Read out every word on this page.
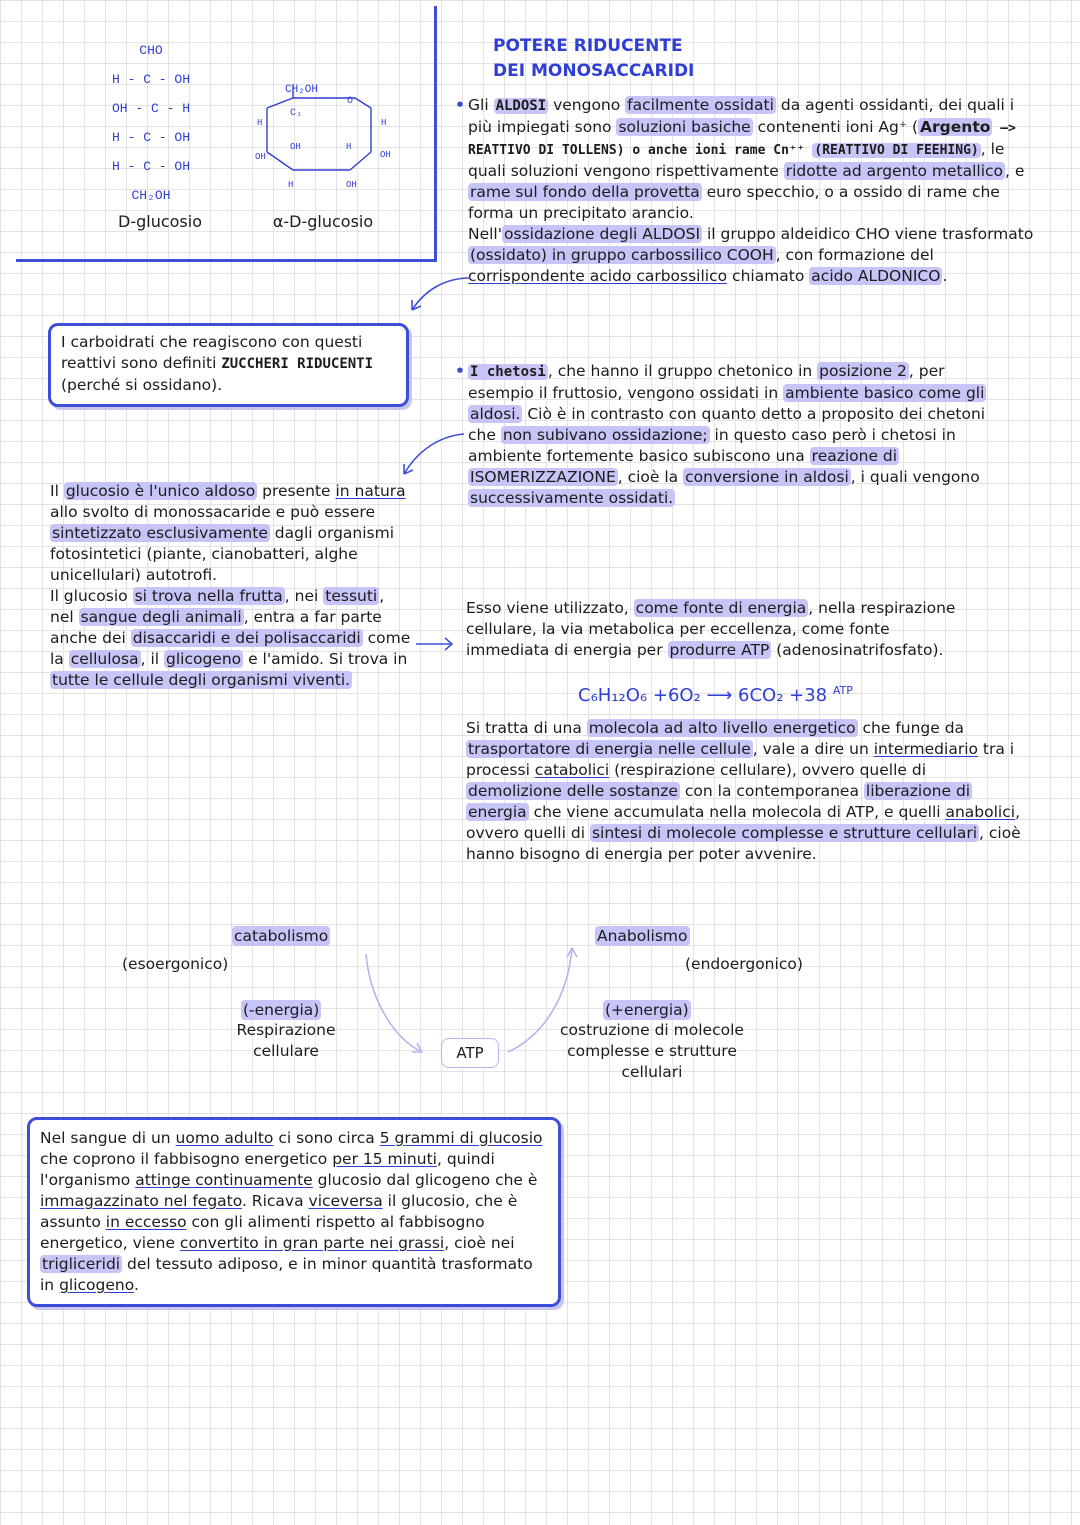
CHO
H - C - OH
OH - C - H
H - C - OH
H - C - OH
CH₂OH
D-glucosio
CH₂OH
C₁
O
H
OH
OH	H
H
OH
H	OH
α-D-glucosio
POTERE RIDUCENTE
DEI MONOSACCARIDI
• Gli ALDOSI vengono facilmente ossidati da agenti ossidanti, dei quali i più impiegati sono soluzioni basiche contenenti ioni Ag⁺ ( Argento —> REATTIVO DI TOLLENS) o anche ioni rame Cn⁺⁺ (REATTIVO DI FEEHING) , le quali soluzioni vengono rispettivamente ridotte ad argento metallico , e rame sul fondo della provetta euro specchio, o a ossido di rame che forma un precipitato arancio.
Nell' ossidazione degli ALDOSI il gruppo aldeidico CHO viene trasformato (ossidato) in gruppo carbossilico COOH , con formazione del corrispondente acido carbossilico chiamato acido ALDONICO .
I carboidrati che reagiscono con questi reattivi sono definiti ZUCCHERI RIDUCENTI (perché si ossidano).
• I chetosi , che hanno il gruppo chetonico in posizione 2 , per esempio il fruttosio, vengono ossidati in ambiente basico come gli aldosi. Ciò è in contrasto con quanto detto a proposito dei chetoni che non subivano ossidazione; in questo caso però i chetosi in ambiente fortemente basico subiscono una reazione di ISOMERIZZAZIONE , cioè la conversione in aldosi , i quali vengono successivamente ossidati.
Il glucosio è l'unico aldoso presente in natura allo svolto di monossacaride e può essere sintetizzato esclusivamente dagli organismi fotosintetici (piante, cianobatteri, alghe unicellulari) autotrofi.
Il glucosio si trova nella frutta , nei tessuti , nel sangue degli animali , entra a far parte anche dei disaccaridi e dei polisaccaridi come la cellulosa , il glicogeno e l'amido. Si trova in tutte le cellule degli organismi viventi.
Esso viene utilizzato, come fonte di energia , nella respirazione cellulare, la via metabolica per eccellenza, come fonte immediata di energia per produrre ATP (adenosinatrifosfato).
C₆H₁₂O₆ +6O₂ ⟶ 6CO₂ +38 $^{ATP}$
Si tratta di una molecola ad alto livello energetico che funge da trasportatore di energia nelle cellule , vale a dire un intermediario tra i processi catabolici (respirazione cellulare), ovvero quelle di demolizione delle sostanze con la contemporanea liberazione di energia che viene accumulata nella molecola di ATP, e quelli anabolici, ovvero quelli di sintesi di molecole complesse e strutture cellulari , cioè hanno bisogno di energia per poter avvenire.
catabolismo
(esoergonico)
(-energia)
Respirazione cellulare	ATP
Anabolismo
(endoergonico)
(+energia)
costruzione di molecole complesse e strutture cellulari
Nel sangue di un uomo adulto ci sono circa 5 grammi di glucosio che coprono il fabbisogno energetico per 15 minuti, quindi l'organismo attinge continuamente glucosio dal glicogeno che è immagazzinato nel fegato. Ricava viceversa il glucosio, che è assunto in eccesso con gli alimenti rispetto al fabbisogno energetico, viene convertito in gran parte nei grassi, cioè nei trigliceridi del tessuto adiposo, e in minor quantità trasformato in glicogeno.
